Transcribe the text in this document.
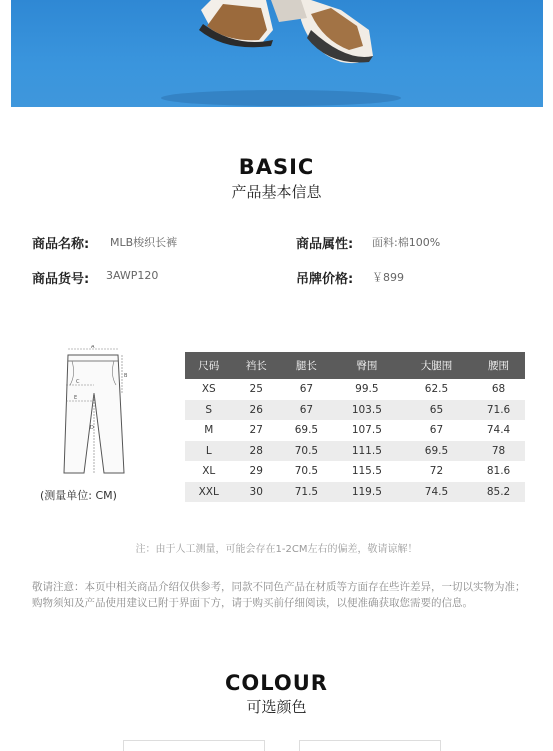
BASIC
产品基本信息
商品名称: MLB梭织长裤	商品属性: 面料:棉100%
商品货号: 3AWP120	吊牌价格: ￥899
A
B
C
D
E
(测量单位: CM)
尺码	裆长	腿长	臀围	大腿围	腰围
XS	25	67	99.5	62.5	68
S	26	67	103.5	65	71.6
M	27	69.5	107.5	67	74.4
L	28	70.5	111.5	69.5	78
XL	29	70.5	115.5	72	81.6
XXL	30	71.5	119.5	74.5	85.2
注：由于人工测量，可能会存在1-2CM左右的偏差，敬请谅解！
敬请注意：本页中相关商品介绍仅供参考，同款不同色产品在材质等方面存在些许差异，一切以实物为准；购物须知及产品使用建议已附于界面下方，请于购买前仔细阅读，以便准确获取您需要的信息。
COLOUR
可选颜色
